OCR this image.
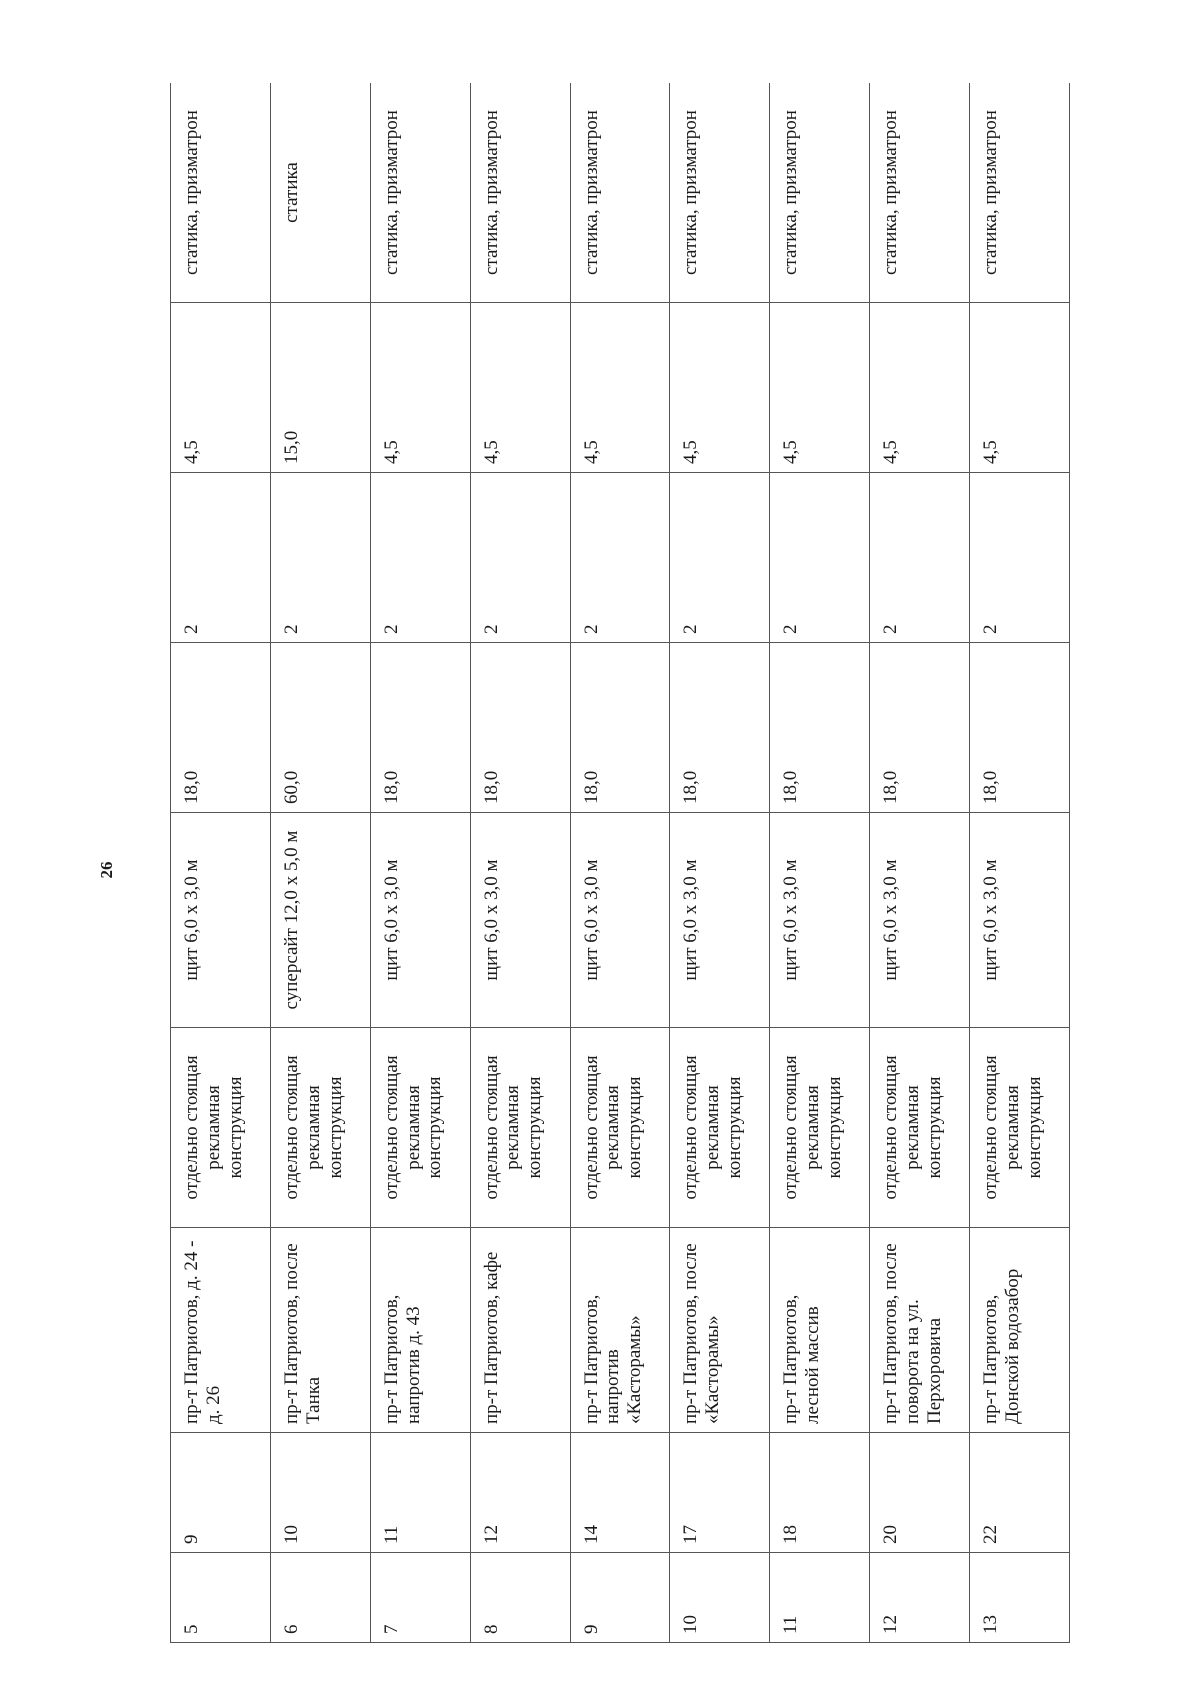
26
5	9	пр-т Патриотов, д. 24 - д. 26	отдельно стоящая рекламная конструкция	щит 6,0 х 3,0 м	18,0	2	4,5	статика, призматрон
6	10	пр-т Патриотов, после Танка	отдельно стоящая рекламная конструкция	суперсайт 12,0 х 5,0 м	60,0	2	15,0	статика
7	11	пр-т Патриотов, напротив д. 43	отдельно стоящая рекламная конструкция	щит 6,0 х 3,0 м	18,0	2	4,5	статика, призматрон
8	12	пр-т Патриотов, кафе	отдельно стоящая рекламная конструкция	щит 6,0 х 3,0 м	18,0	2	4,5	статика, призматрон
9	14	пр-т Патриотов, напротив «Касторамы»	отдельно стоящая рекламная конструкция	щит 6,0 х 3,0 м	18,0	2	4,5	статика, призматрон
10	17	пр-т Патриотов, после «Касторамы»	отдельно стоящая рекламная конструкция	щит 6,0 х 3,0 м	18,0	2	4,5	статика, призматрон
11	18	пр-т Патриотов, лесной массив	отдельно стоящая рекламная конструкция	щит 6,0 х 3,0 м	18,0	2	4,5	статика, призматрон
12	20	пр-т Патриотов, после поворота на ул. Перхоровича	отдельно стоящая рекламная конструкция	щит 6,0 х 3,0 м	18,0	2	4,5	статика, призматрон
13	22	пр-т Патриотов, Донской водозабор	отдельно стоящая рекламная конструкция	щит 6,0 х 3,0 м	18,0	2	4,5	статика, призматрон
